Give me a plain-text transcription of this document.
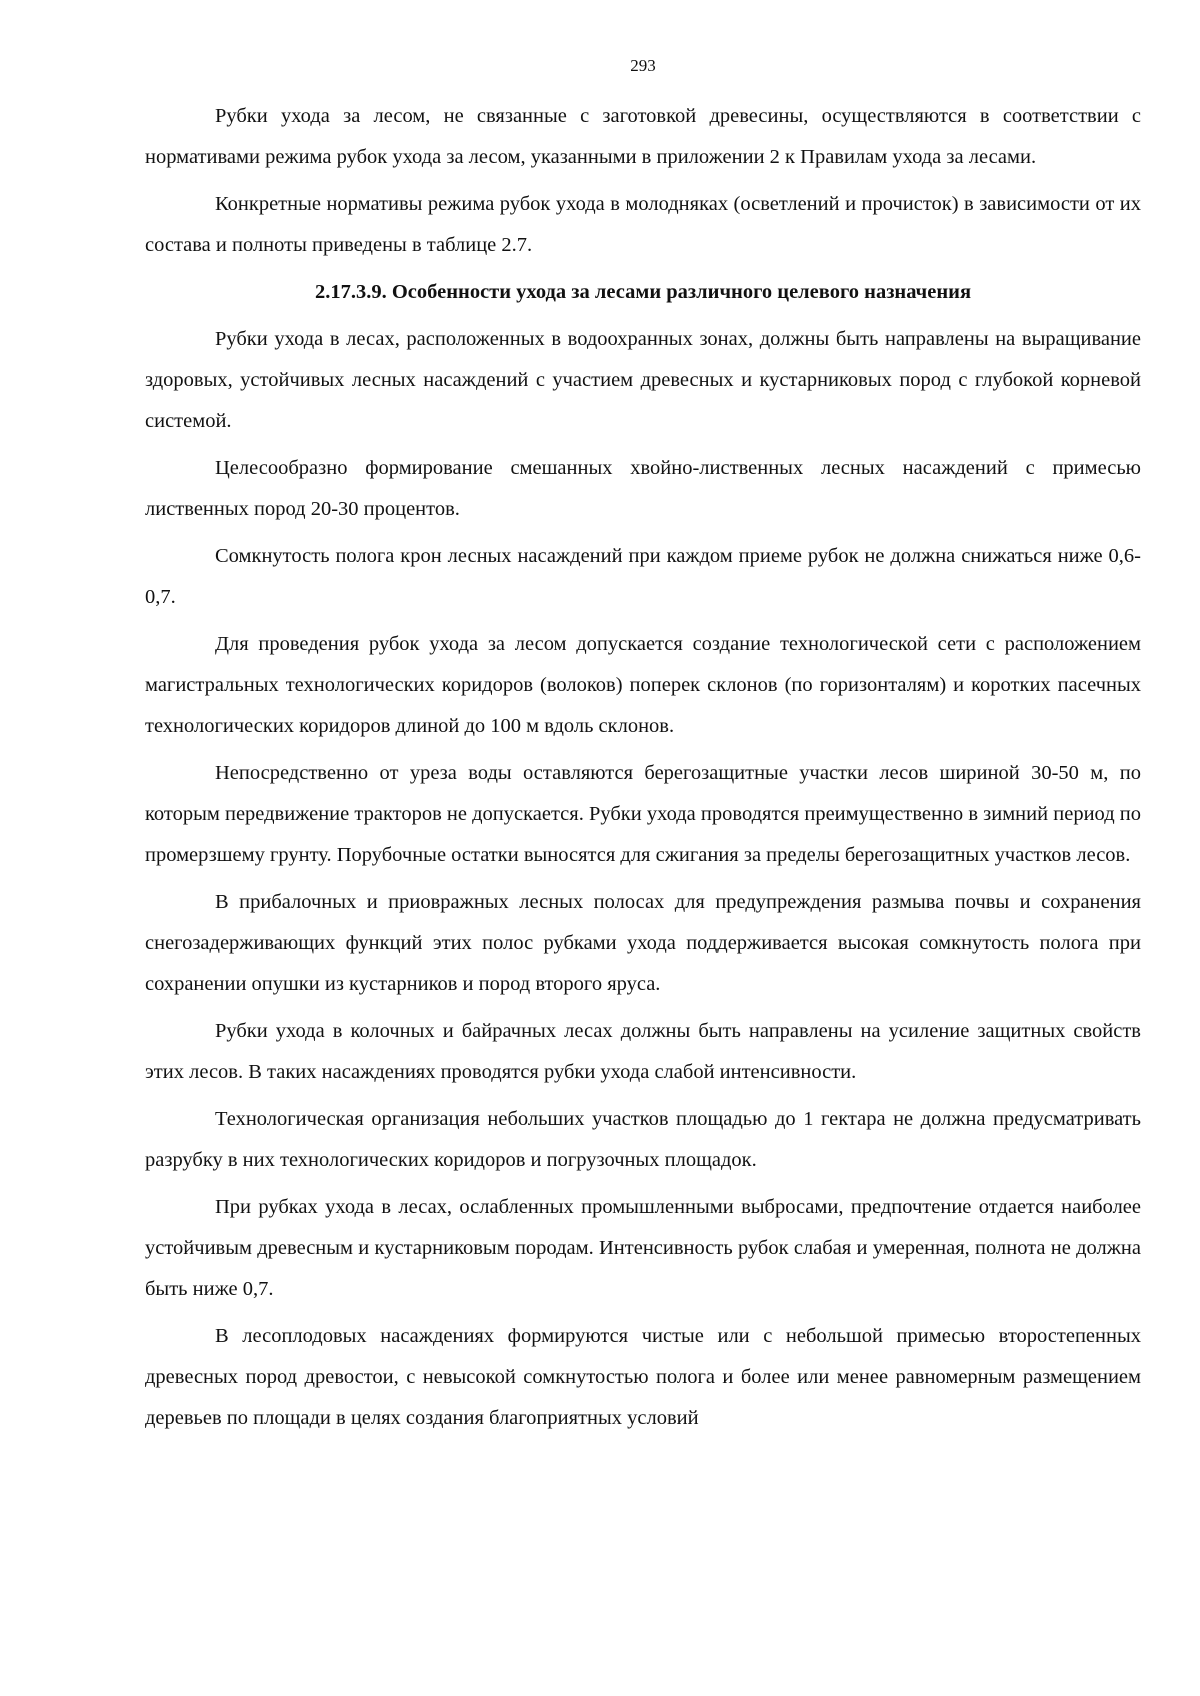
293

Рубки ухода за лесом, не связанные с заготовкой древесины, осуществляются в соответствии с нормативами режима рубок ухода за лесом, указанными в приложении 2 к Правилам ухода за лесами.

Конкретные нормативы режима рубок ухода в молодняках (осветлений и прочисток) в зависимости от их состава и полноты приведены в таблице 2.7.

2.17.3.9. Особенности ухода за лесами различного целевого назначения

Рубки ухода в лесах, расположенных в водоохранных зонах, должны быть направлены на выращивание здоровых, устойчивых лесных насаждений с участием древесных и кустарниковых пород с глубокой корневой системой.

Целесообразно формирование смешанных хвойно-лиственных лесных насаждений с примесью лиственных пород 20-30 процентов.

Сомкнутость полога крон лесных насаждений при каждом приеме рубок не должна снижаться ниже 0,6-0,7.

Для проведения рубок ухода за лесом допускается создание технологической сети с расположением магистральных технологических коридоров (волоков) поперек склонов (по горизонталям) и коротких пасечных технологических коридоров длиной до 100 м вдоль склонов.

Непосредственно от уреза воды оставляются берегозащитные участки лесов шириной 30-50 м, по которым передвижение тракторов не допускается. Рубки ухода проводятся преимущественно в зимний период по промерзшему грунту. Порубочные остатки выносятся для сжигания за пределы берегозащитных участков лесов.

В прибалочных и приовражных лесных полосах для предупреждения размыва почвы и сохранения снегозадерживающих функций этих полос рубками ухода поддерживается высокая сомкнутость полога при сохранении опушки из кустарников и пород второго яруса.

Рубки ухода в колочных и байрачных лесах должны быть направлены на усиление защитных свойств этих лесов. В таких насаждениях проводятся рубки ухода слабой интенсивности.

Технологическая организация небольших участков площадью до 1 гектара не должна предусматривать разрубку в них технологических коридоров и погрузочных площадок.

При рубках ухода в лесах, ослабленных промышленными выбросами, предпочтение отдается наиболее устойчивым древесным и кустарниковым породам. Интенсивность рубок слабая и умеренная, полнота не должна быть ниже 0,7.

В лесоплодовых насаждениях формируются чистые или с небольшой примесью второстепенных древесных пород древостои, с невысокой сомкнутостью полога и более или менее равномерным размещением деревьев по площади в целях создания благоприятных условий
